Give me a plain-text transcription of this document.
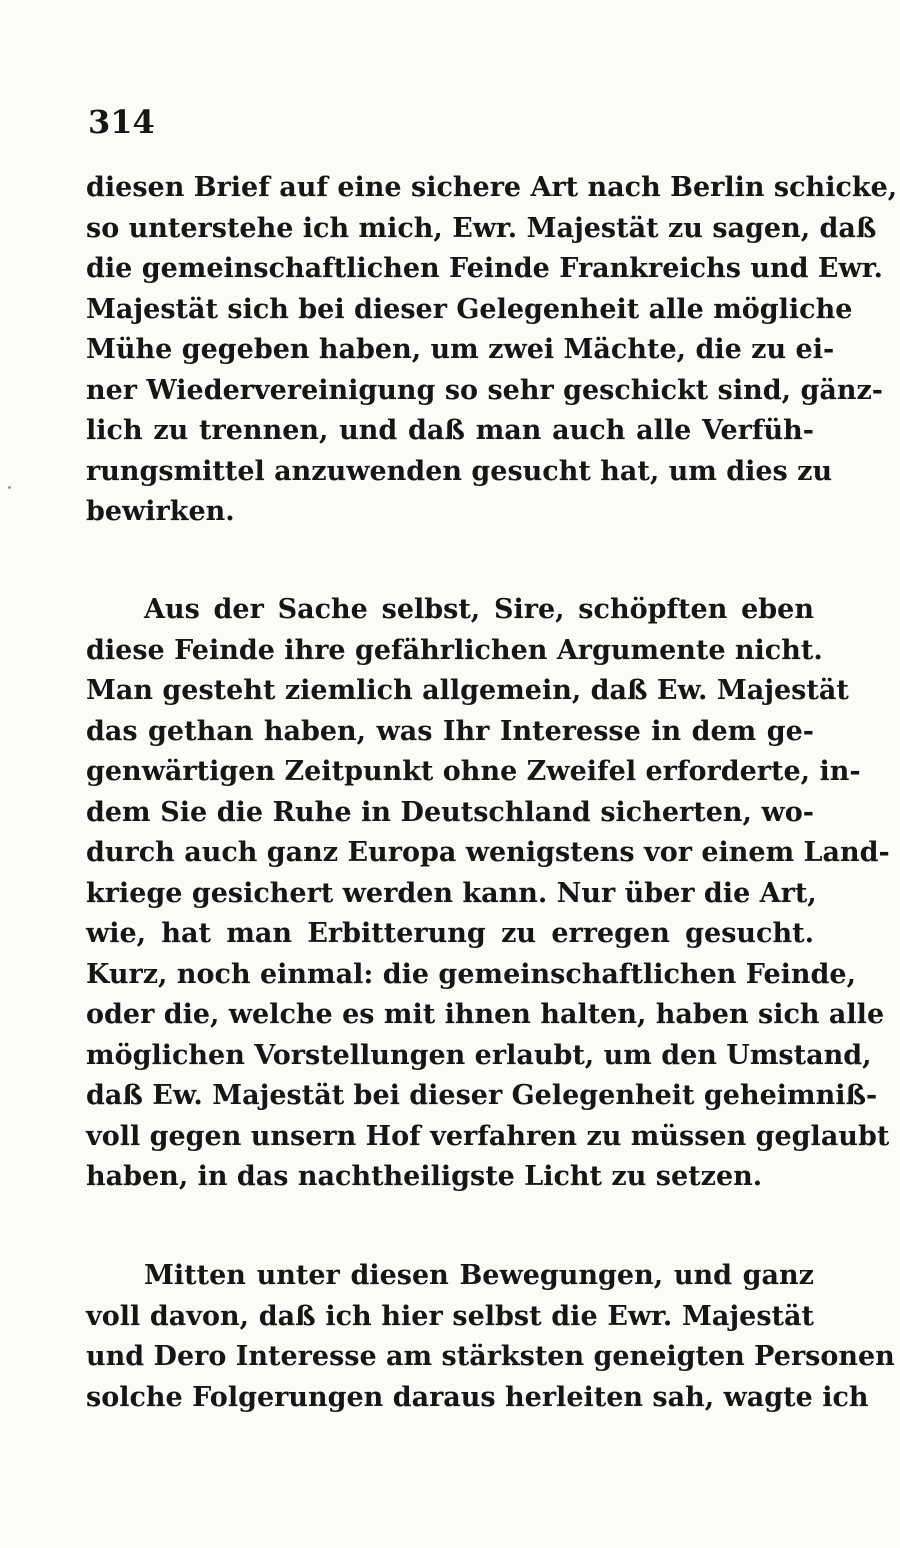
314
diesen Brief auf eine sichere Art nach Berlin schicke,
so unterstehe ich mich, Ewr. Majestät zu sagen, daß
die gemeinschaftlichen Feinde Frankreichs und Ewr.
Majestät sich bei dieser Gelegenheit alle mögliche
Mühe gegeben haben, um zwei Mächte, die zu ei-
ner Wiedervereinigung so sehr geschickt sind, gänz-
lich zu trennen, und daß man auch alle Verfüh-
rungsmittel anzuwenden gesucht hat, um dies zu
bewirken.
Aus der Sache selbst, Sire, schöpften eben
diese Feinde ihre gefährlichen Argumente nicht.
Man gesteht ziemlich allgemein, daß Ew. Majestät
das gethan haben, was Ihr Interesse in dem ge-
genwärtigen Zeitpunkt ohne Zweifel erforderte, in-
dem Sie die Ruhe in Deutschland sicherten, wo-
durch auch ganz Europa wenigstens vor einem Land-
kriege gesichert werden kann. Nur über die Art,
wie, hat man Erbitterung zu erregen gesucht.
Kurz, noch einmal: die gemeinschaftlichen Feinde,
oder die, welche es mit ihnen halten, haben sich alle
möglichen Vorstellungen erlaubt, um den Umstand,
daß Ew. Majestät bei dieser Gelegenheit geheimniß-
voll gegen unsern Hof verfahren zu müssen geglaubt
haben, in das nachtheiligste Licht zu setzen.
Mitten unter diesen Bewegungen, und ganz
voll davon, daß ich hier selbst die Ewr. Majestät
und Dero Interesse am stärksten geneigten Personen
solche Folgerungen daraus herleiten sah, wagte ich
